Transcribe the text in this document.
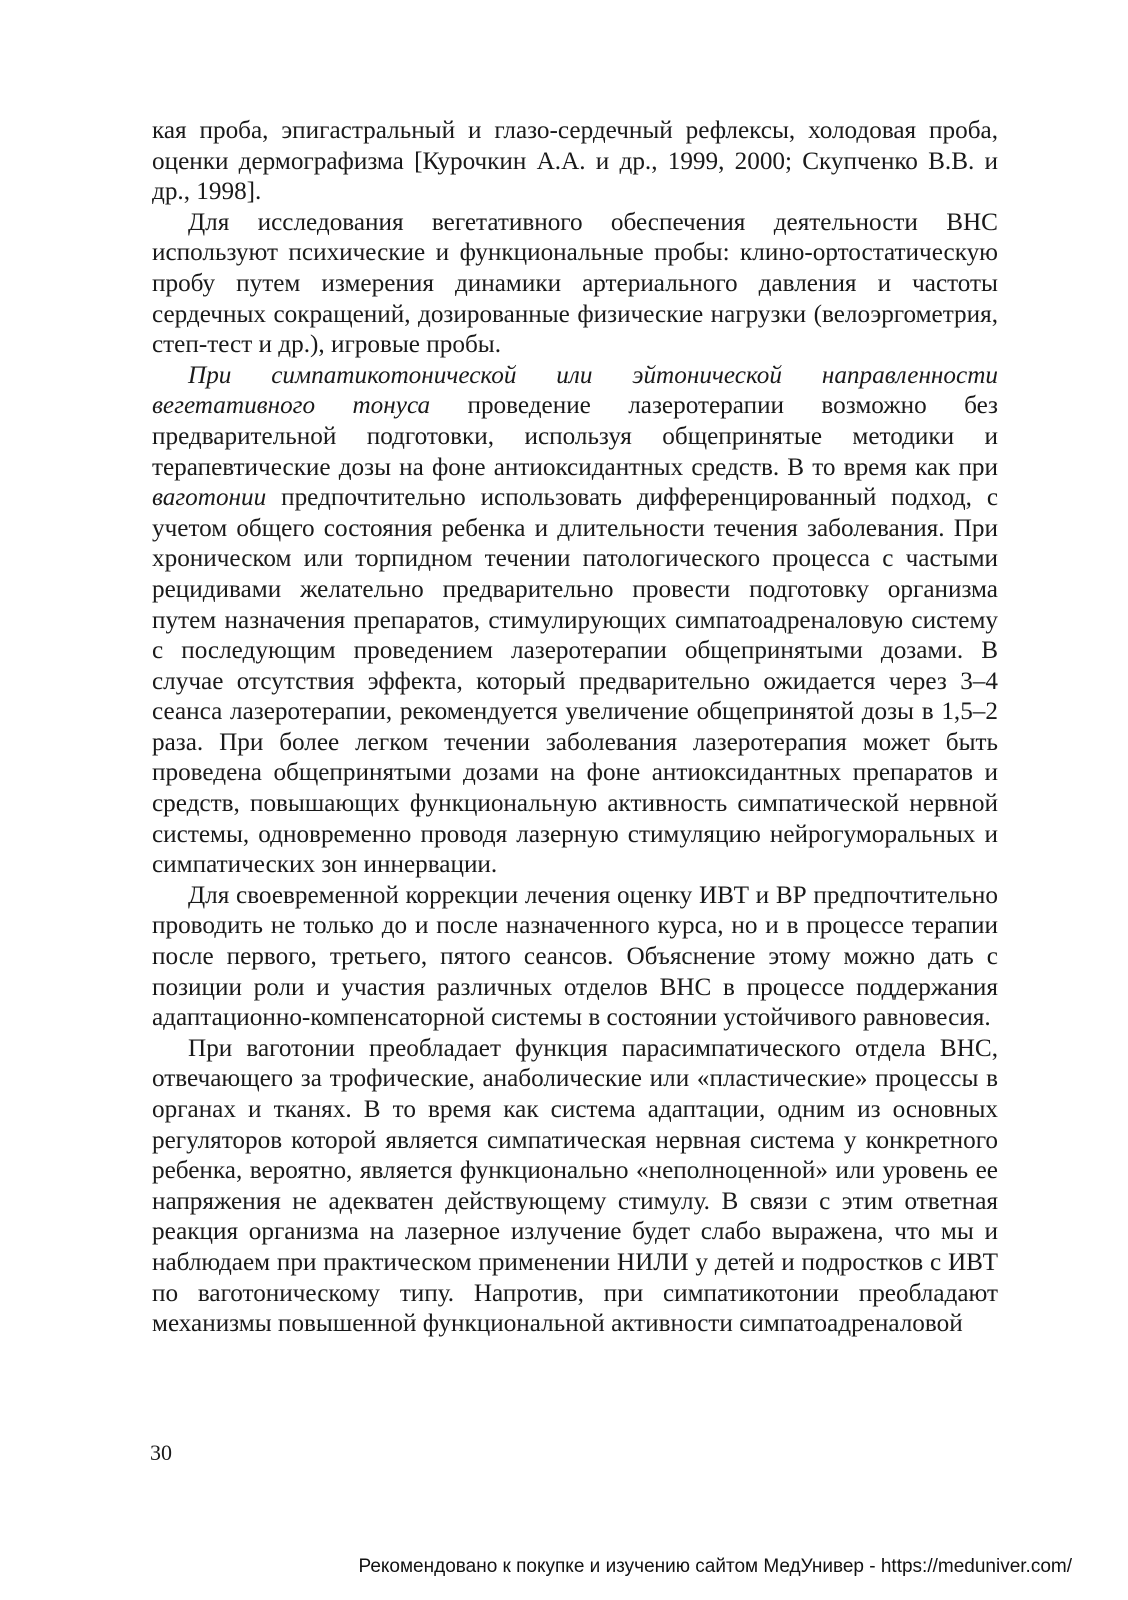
кая проба, эпигастральный и глазо-сердечный рефлексы, холодовая проба, оценки дермографизма [Курочкин А.А. и др., 1999, 2000; Скупченко В.В. и др., 1998].

Для исследования вегетативного обеспечения деятельности ВНС используют психические и функциональные пробы: клино-ортостатическую пробу путем измерения динамики артериального давления и частоты сердечных сокращений, дозированные физические нагрузки (велоэргометрия, степ-тест и др.), игровые пробы.

При симпатикотонической или эйтонической направленности вегетативного тонуса проведение лазеротерапии возможно без предварительной подготовки, используя общепринятые методики и терапевтические дозы на фоне антиоксидантных средств. В то время как при ваготонии предпочтительно использовать дифференцированный подход, с учетом общего состояния ребенка и длительности течения заболевания. При хроническом или торпидном течении патологического процесса с частыми рецидивами желательно предварительно провести подготовку организма путем назначения препаратов, стимулирующих симпатоадреналовую систему с последующим проведением лазеротерапии общепринятыми дозами. В случае отсутствия эффекта, который предварительно ожидается через 3–4 сеанса лазеротерапии, рекомендуется увеличение общепринятой дозы в 1,5–2 раза. При более легком течении заболевания лазеротерапия может быть проведена общепринятыми дозами на фоне антиоксидантных препаратов и средств, повышающих функциональную активность симпатической нервной системы, одновременно проводя лазерную стимуляцию нейрогуморальных и симпатических зон иннервации.

Для своевременной коррекции лечения оценку ИВТ и ВР предпочтительно проводить не только до и после назначенного курса, но и в процессе терапии после первого, третьего, пятого сеансов. Объяснение этому можно дать с позиции роли и участия различных отделов ВНС в процессе поддержания адаптационно-компенсаторной системы в состоянии устойчивого равновесия.

При ваготонии преобладает функция парасимпатического отдела ВНС, отвечающего за трофические, анаболические или «пластические» процессы в органах и тканях. В то время как система адаптации, одним из основных регуляторов которой является симпатическая нервная система у конкретного ребенка, вероятно, является функционально «неполноценной» или уровень ее напряжения не адекватен действующему стимулу. В связи с этим ответная реакция организма на лазерное излучение будет слабо выражена, что мы и наблюдаем при практическом применении НИЛИ у детей и подростков с ИВТ по ваготоническому типу. Напротив, при симпатикотонии преобладают механизмы повышенной функциональной активности симпатоадреналовой

30
Рекомендовано к покупке и изучению сайтом МедУнивер - https://meduniver.com/
